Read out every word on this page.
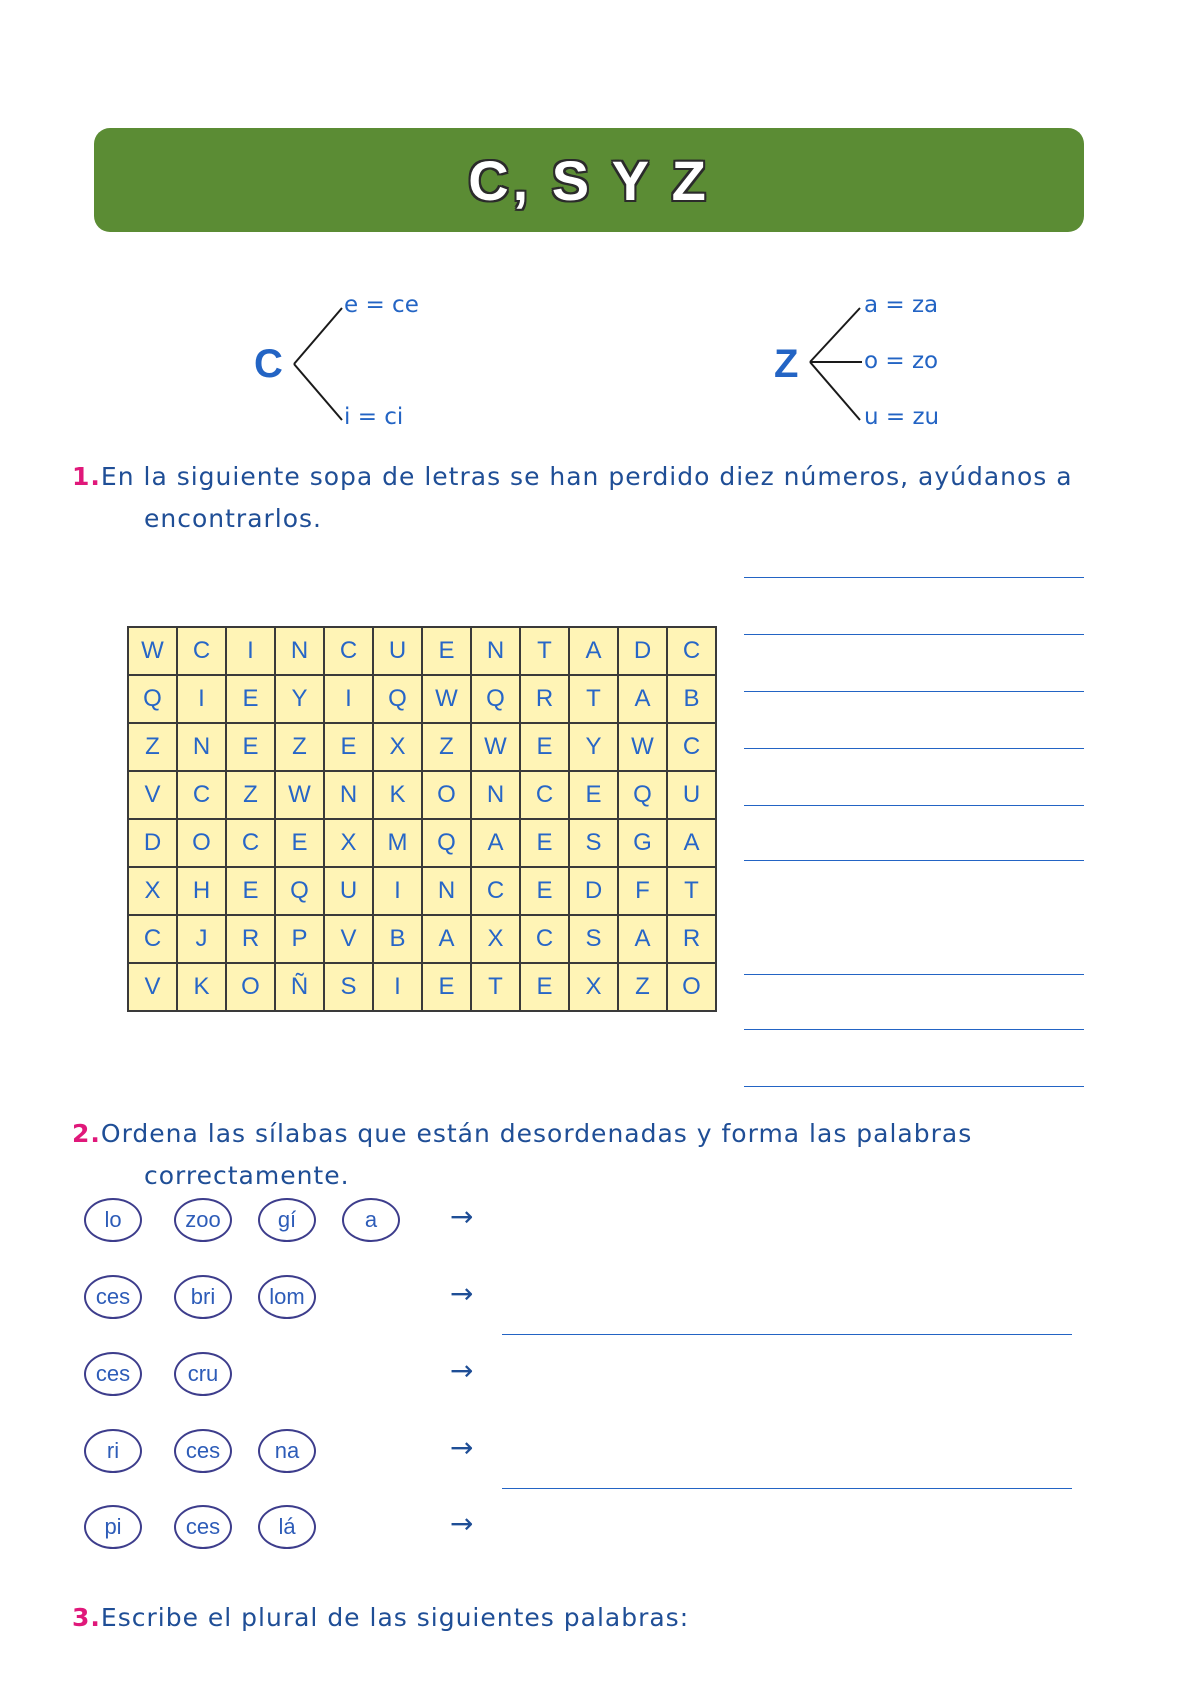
C, S Y Z
C
e = ce
i = ci
Z
a = za
o = zo
u = zu
1.En la siguiente sopa de letras se han perdido diez números, ayúdanos a
encontrarlos.
W	C	I	N	C	U	E	N	T	A	D	C
Q	I	E	Y	I	Q	W	Q	R	T	A	B
Z	N	E	Z	E	X	Z	W	E	Y	W	C
V	C	Z	W	N	K	O	N	C	E	Q	U
D	O	C	E	X	M	Q	A	E	S	G	A
X	H	E	Q	U	I	N	C	E	D	F	T
C	J	R	P	V	B	A	X	C	S	A	R
V	K	O	Ñ	S	I	E	T	E	X	Z	O
2.Ordena las sílabas que están desordenadas y forma las palabras
correctamente.
lo	zoo	gí	a	→
ces	bri	lom	→
ces	cru	→
ri	ces	na	→
pi	ces	lá	→
3.Escribe el plural de las siguientes palabras:
